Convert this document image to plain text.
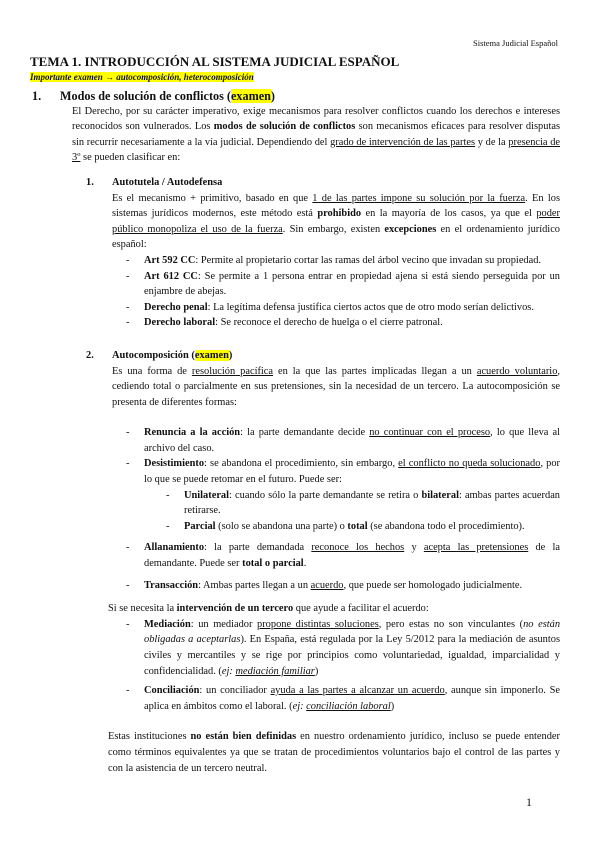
Sistema Judicial Español

TEMA 1. INTRODUCCIÓN AL SISTEMA JUDICIAL ESPAÑOL

Importante examen → autocomposición, heterocomposición

1.	Modos de solución de conflictos (examen)

El Derecho, por su carácter imperativo, exige mecanismos para resolver conflictos cuando los derechos e intereses reconocidos son vulnerados. Los modos de solución de conflictos son mecanismos eficaces para resolver disputas sin recurrir necesariamente a la vía judicial. Dependiendo del grado de intervención de las partes y de la presencia de 3º se pueden clasificar en:

1.	Autotutela / Autodefensa

Es el mecanismo + primitivo, basado en que 1 de las partes impone su solución por la fuerza. En los sistemas jurídicos modernos, este método está prohibido en la mayoría de los casos, ya que el poder público monopoliza el uso de la fuerza. Sin embargo, existen excepciones en el ordenamiento jurídico español:

- Art 592 CC: Permite al propietario cortar las ramas del árbol vecino que invadan su propiedad.
- Art 612 CC: Se permite a 1 persona entrar en propiedad ajena si está siendo perseguida por un enjambre de abejas.
- Derecho penal: La legítima defensa justifica ciertos actos que de otro modo serían delictivos.
- Derecho laboral: Se reconoce el derecho de huelga o el cierre patronal.
2.	Autocomposición (examen)

Es una forma de resolución pacífica en la que las partes implicadas llegan a un acuerdo voluntario, cediendo total o parcialmente en sus pretensiones, sin la necesidad de un tercero. La autocomposición se presenta de diferentes formas:

- Renuncia a la acción: la parte demandante decide no continuar con el proceso, lo que lleva al archivo del caso.
- Desistimiento: se abandona el procedimiento, sin embargo, el conflicto no queda solucionado, por lo que se puede retomar en el futuro. Puede ser:
- Unilateral: cuando sólo la parte demandante se retira o bilateral: ambas partes acuerdan retirarse.
- Parcial (solo se abandona una parte) o total (se abandona todo el procedimiento).
- Allanamiento: la parte demandada reconoce los hechos y acepta las pretensiones de la demandante. Puede ser total o parcial.
- Transacción: Ambas partes llegan a un acuerdo, que puede ser homologado judicialmente.

Si se necesita la intervención de un tercero que ayude a facilitar el acuerdo:

- Mediación: un mediador propone distintas soluciones, pero estas no son vinculantes (no están obligadas a aceptarlas). En España, está regulada por la Ley 5/2012 para la mediación de asuntos civiles y mercantiles y se rige por principios como voluntariedad, igualdad, imparcialidad y confidencialidad. (ej: mediación familiar)
- Conciliación: un conciliador ayuda a las partes a alcanzar un acuerdo, aunque sin imponerlo. Se aplica en ámbitos como el laboral. (ej: conciliación laboral)

Estas instituciones no están bien definidas en nuestro ordenamiento jurídico, incluso se puede entender como términos equivalentes ya que se tratan de procedimientos voluntarios bajo el control de las partes y con la asistencia de un tercero neutral.

1
